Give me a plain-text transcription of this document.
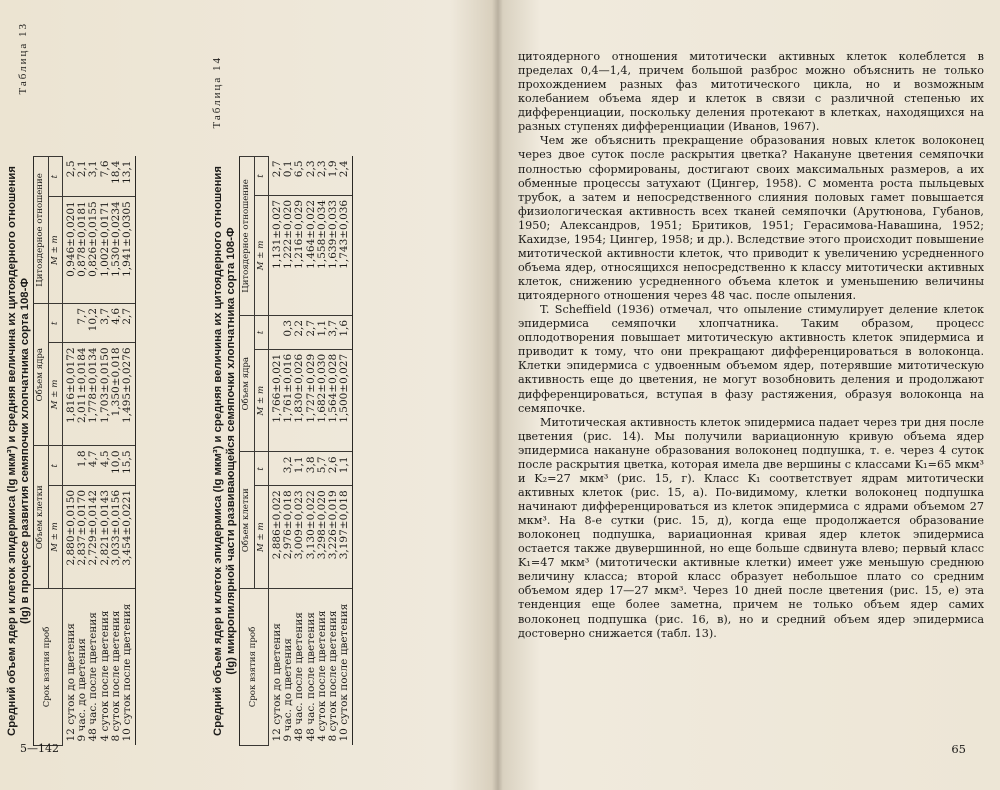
Таблица 13
Средний объем ядер и клеток эпидермиса (lg мкм³) и средняя величина их цитоядерного отношения (lg) в процессе развития семяпочки хлопчатника сорта 108-Ф
Срок взятия проб	Объем клетки		Объем ядра		Цитоядерное отношение	
	M ± m	t	M ± m	t	M ± m	t
12 суток до цветения	2,880±0,0150		1,816±0,0172		0,946±0,0201	2,5
9 час. до цветения	2,837±0,0170	1,8	2,011±0,0184	7,7	0,878±0,0181	2,1
48 час. после цветения	2,729±0,0142	4,7	1,778±0,0134	10,2	0,826±0,0155	3,1
4 суток после цветения	2,821±0,0143	4,5	1,703±0,0150	3,7	1,002±0,0171	7,6
8 суток после цветения	3,033±0,0156	10,0	1,350±0,018	4,6	1,530±0,0234	18,4
10 суток после цветения	3,454±0,0221	15,5	1,495±0,0276	2,7	1,941±0,0305	13,1
Таблица 14
Средний объем ядер и клеток эпидермиса (lg мкм³) и средняя величина их цитоядерного отношения (lg) микропилярной части развивающейся семяпочки хлопчатника сорта 108-Ф Срок взятия проб	Объем клетки		Объем ядра		Цитоядерное отношение	
	M ± m	t	M ± m	t	M ± m	t
12 суток до цветения	2,886±0,022		1,766±0,021		1,131±0,027	2,7
9 час. до цветения	2,976±0,018	3,2	1,761±0,016	0,3	1,222±0,020	0,1
48 час. после цветения	3,009±0,023	1,1	1,830±0,026	2,2	1,216±0,029	6,5
48 час. после цветения	3,130±0,022	3,8	1,727±0,029	2,7	1,464±0,022	2,3
4 суток после цветения	3,298±0,020	5,7	1,682±0,030	1,1	1,558±0,034	2,3
8 суток после цветения	3,226±0,019	2,6	1,564±0,028	3,7	1,639±0,033	1,9
10 суток после цветения	3,197±0,018	1,1	1,500±0,027	1,6	1,743±0,036	2,4
5—142

цитоядерного отношения митотически активных клеток колеблется в пределах 0,4—1,4, причем большой разброс можно объяснить не только прохождением разных фаз митотического цикла, но и возможным колебанием объема ядер и клеток в связи с различной степенью их дифференциации, поскольку деления протекают в клетках, находящихся на разных ступенях дифференциации (Иванов, 1967).

Чем же объяснить прекращение образования новых клеток волоконец через двое суток после раскрытия цветка? Накануне цветения семяпочки полностью сформированы, достигают своих максимальных размеров, а их обменные процессы затухают (Цингер, 1958). С момента роста пыльцевых трубок, а затем и непосредственного слияния половых гамет повышается физиологическая активность всех тканей семяпочки (Арутюнова, Губанов, 1950; Александров, 1951; Бритиков, 1951; Герасимова-Навашина, 1952; Кахидзе, 1954; Цингер, 1958; и др.). Вследствие этого происходит повышение митотической активности клеток, что приводит к увеличению усредненного объема ядер, относящихся непосредственно к классу митотически активных клеток, снижению усредненного объема клеток и уменьшению величины цитоядерного отношения через 48 час. после опыления.

T. Scheffield (1936) отмечал, что опыление стимулирует деление клеток эпидермиса семяпочки хлопчатника. Таким образом, процесс оплодотворения повышает митотическую активность клеток эпидермиса и приводит к тому, что они прекращают дифференцироваться в волоконца. Клетки эпидермиса с удвоенным объемом ядер, потерявшие митотическую активность еще до цветения, не могут возобновить деления и продолжают дифференцироваться, вступая в фазу растяжения, образуя волоконца на семяпочке.

Митотическая активность клеток эпидермиса падает через три дня после цветения (рис. 14). Мы получили вариационную кривую объема ядер эпидермиса накануне образования волоконец подпушка, т. е. через 4 суток после раскрытия цветка, которая имела две вершины с классами K₁=65 мкм³ и K₂=27 мкм³ (рис. 15, г). Класс K₁ соответствует ядрам митотически активных клеток (рис. 15, а). По-видимому, клетки волоконец подпушка начинают дифференцироваться из клеток эпидермиса с ядрами объемом 27 мкм³. На 8-е сутки (рис. 15, д), когда еще продолжается образование волоконец подпушка, вариационная кривая ядер клеток эпидермиса остается также двувершинной, но еще больше сдвинута влево; первый класс K₁=47 мкм³ (митотически активные клетки) имеет уже меньшую среднюю величину класса; второй класс образует небольшое плато со средним объемом ядер 17—27 мкм³. Через 10 дней после цветения (рис. 15, е) эта тенденция еще более заметна, причем не только объем ядер самих волоконец подпушка (рис. 16, в), но и средний объем ядер эпидермиса достоверно снижается (табл. 13).

65
